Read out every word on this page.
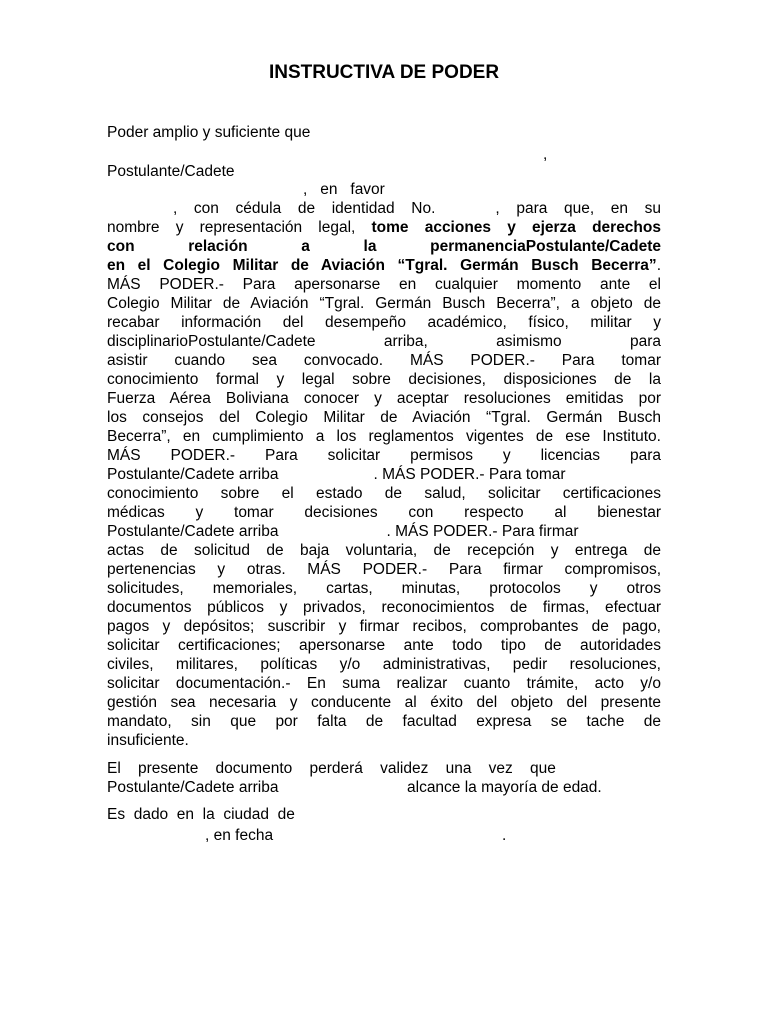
INSTRUCTIVA DE PODER
Poder amplio y suficiente que
,
Postulante/Cadete
,   en   favor
, con cédula de identidad No.	, para que, en su
nombre y representación legal, tome acciones y ejerza derechos
con relación a la permanenciaPostulante/Cadete
en el Colegio Militar de Aviación “Tgral. Germán Busch Becerra”.
MÁS PODER.- Para apersonarse en cualquier momento ante el
Colegio Militar de Aviación “Tgral. Germán Busch Becerra”, a objeto de
recabar información del desempeño académico, físico, militar y
disciplinarioPostulante/Cadete arriba, asimismo para
asistir cuando sea convocado. MÁS PODER.- Para tomar
conocimiento formal y legal sobre decisiones, disposiciones de la
Fuerza Aérea Boliviana conocer y aceptar resoluciones emitidas por
los consejos del Colegio Militar de Aviación “Tgral. Germán Busch
Becerra”, en cumplimiento a los reglamentos vigentes de ese Instituto.
MÁS PODER.- Para solicitar permisos y licencias para
Postulante/Cadete arriba	. MÁS PODER.- Para tomar
conocimiento sobre el estado de salud, solicitar certificaciones
médicas y tomar decisiones con respecto al bienestar
Postulante/Cadete arriba	. MÁS PODER.- Para firmar
actas de solicitud de baja voluntaria, de recepción y entrega de
pertenencias y otras. MÁS PODER.- Para firmar compromisos,
solicitudes, memoriales, cartas, minutas, protocolos y otros
documentos públicos y privados, reconocimientos de firmas, efectuar
pagos y depósitos; suscribir y firmar recibos, comprobantes de pago,
solicitar certificaciones; apersonarse ante todo tipo de autoridades
civiles, militares, políticas y/o administrativas, pedir resoluciones,
solicitar documentación.- En suma realizar cuanto trámite, acto y/o
gestión sea necesaria y conducente al éxito del objeto del presente
mandato, sin que por falta de facultad expresa se tache de
insuficiente.
El    presente    documento    perderá    validez    una    vez    que
Postulante/Cadete arriba	alcance la mayoría de edad.
Es  dado  en  la  ciudad  de
, en fecha	.
